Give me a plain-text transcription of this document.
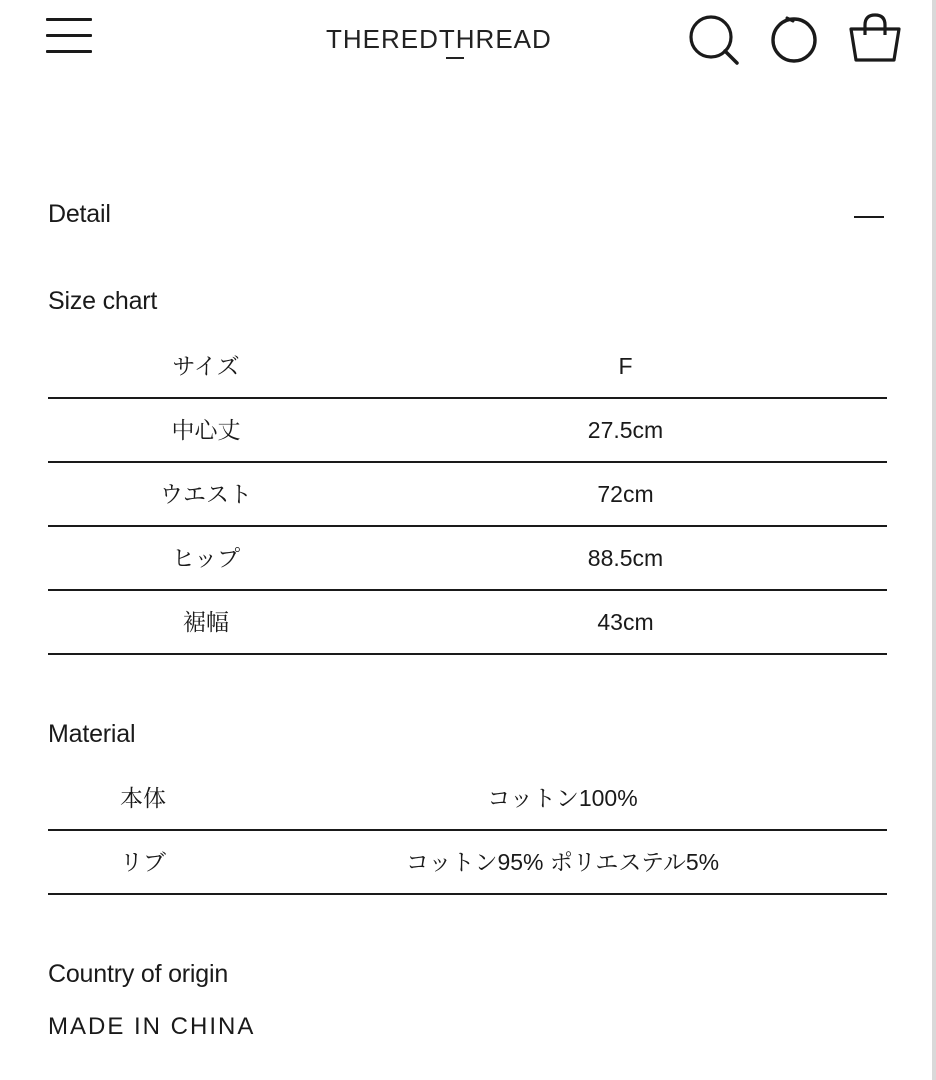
THEREDTHREAD
Detail
Size chart
サイズ	F
中心丈	27.5cm
ウエスト	72cm
ヒップ	88.5cm
裾幅	43cm
Material
本体	コットン100%
リブ	コットン95% ポリエステル5%
Country of origin
MADE IN CHINA
